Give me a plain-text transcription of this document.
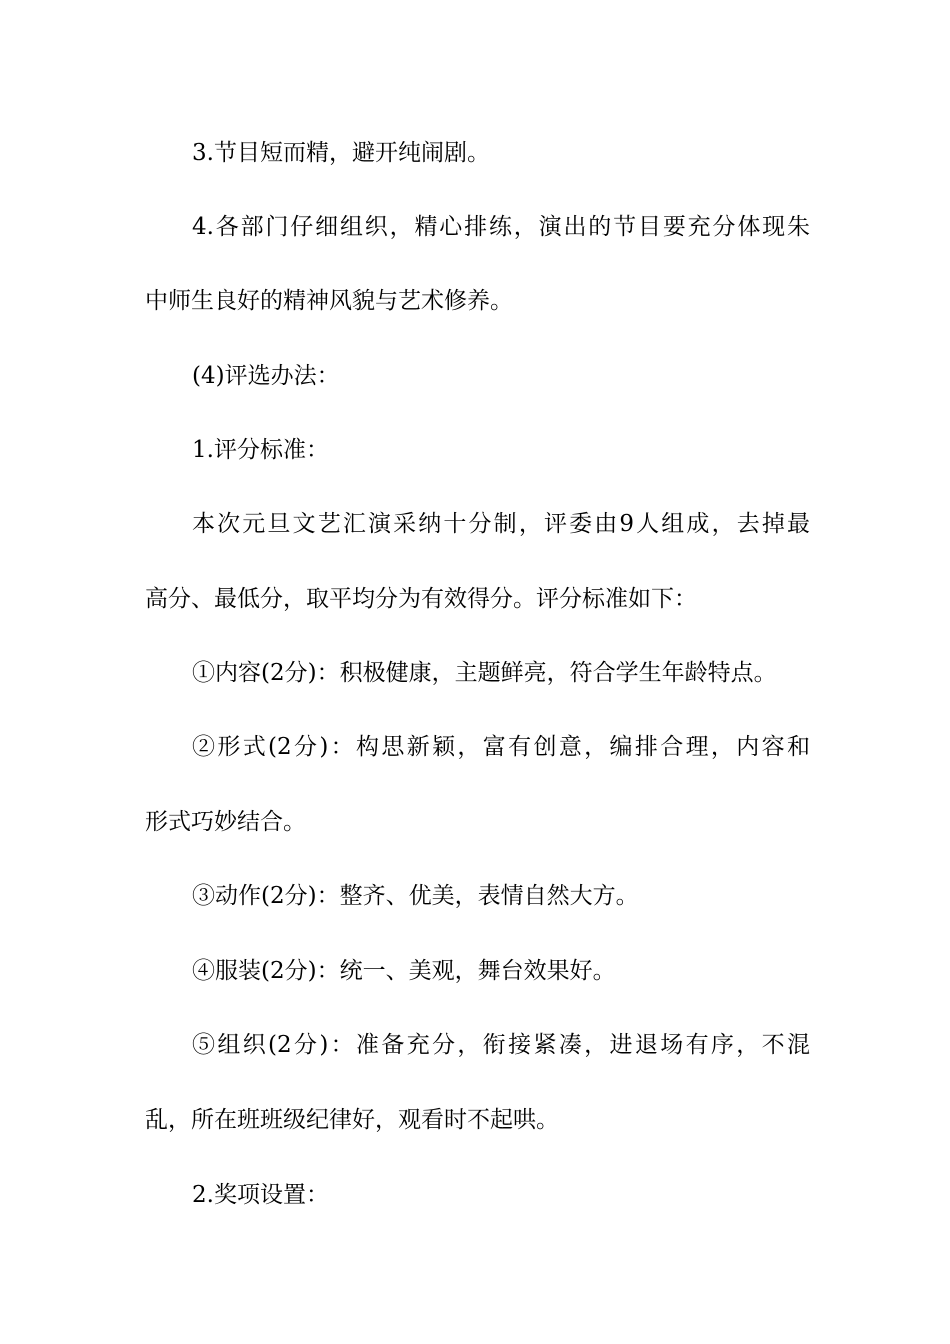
3.节目短而精，避开纯闹剧。
4.各部门仔细组织，精心排练，演出的节目要充分体现朱
中师生良好的精神风貌与艺术修养。
(4)评选办法：
1.评分标准：
本次元旦文艺汇演采纳十分制，评委由9人组成，去掉最
高分、最低分，取平均分为有效得分。评分标准如下：
①内容(2分)：积极健康，主题鲜亮，符合学生年龄特点。
②形式(2分)：构思新颖，富有创意，编排合理，内容和
形式巧妙结合。
③动作(2分)：整齐、优美，表情自然大方。
④服装(2分)：统一、美观，舞台效果好。
⑤组织(2分)：准备充分，衔接紧凑，进退场有序，不混
乱，所在班班级纪律好，观看时不起哄。
2.奖项设置：
